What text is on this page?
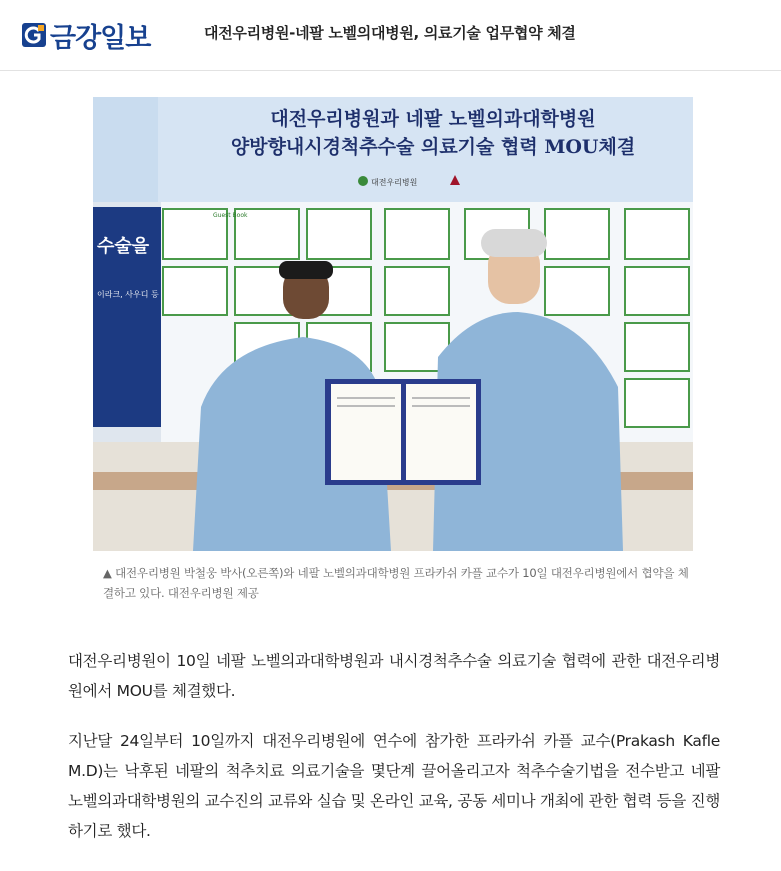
금강일보	대전우리병원-네팔 노벨의대병원, 의료기술 업무협약 체결
대전우리병원과 네팔 노벨의과대학병원
양방향내시경척추수술 의료기술 협력 MOU체결
대전우리병원
수술을
이라크, 사우디 등
Guest Book
▲ 대전우리병원 박철웅 박사(오른쪽)와 네팔 노벨의과대학병원 프라카쉬 카플 교수가 10일 대전우리병원에서 협약을 체결하고 있다. 대전우리병원 제공

대전우리병원이 10일 네팔 노벨의과대학병원과 내시경척추수술 의료기술 협력에 관한 대전우리병원에서 MOU를 체결했다.

지난달 24일부터 10일까지 대전우리병원에 연수에 참가한 프라카쉬 카플 교수(Prakash Kafle M.D)는 낙후된 네팔의 척추치료 의료기술을 몇단계 끌어올리고자 척추수술기법을 전수받고 네팔 노벨의과대학병원의 교수진의 교류와 실습 및 온라인 교육, 공동 세미나 개최에 관한 협력 등을 진행하기로 했다.
